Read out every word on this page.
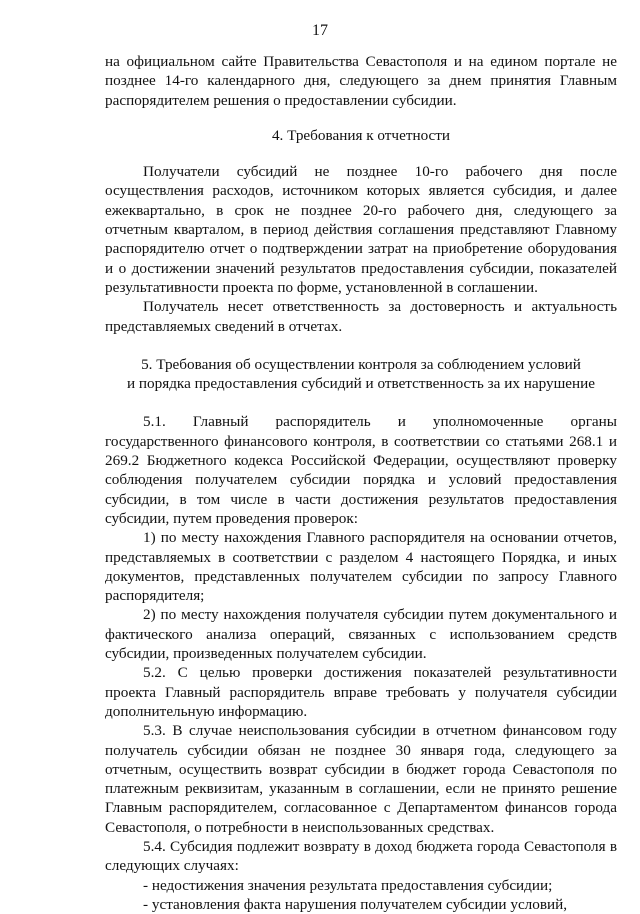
17

на официальном сайте Правительства Севастополя и на едином портале не позднее 14-го календарного дня, следующего за днем принятия Главным распорядителем решения о предоставлении субсидии.

4. Требования к отчетности

Получатели субсидий не позднее 10-го рабочего дня после осуществления расходов, источником которых является субсидия, и далее ежеквартально, в срок не позднее 20-го рабочего дня, следующего за отчетным кварталом, в период действия соглашения представляют Главному распорядителю отчет о подтверждении затрат на приобретение оборудования и о достижении значений результатов предоставления субсидии, показателей результативности проекта по форме, установленной в соглашении.

Получатель несет ответственность за достоверность и актуальность представляемых сведений в отчетах.

5. Требования об осуществлении контроля за соблюдением условий

и порядка предоставления субсидий и ответственность за их нарушение

5.1. Главный распорядитель и уполномоченные органы государственного финансового контроля, в соответствии со статьями 268.1 и 269.2 Бюджетного кодекса Российской Федерации, осуществляют проверку соблюдения получателем субсидии порядка и условий предоставления субсидии, в том числе в части достижения результатов предоставления субсидии, путем проведения проверок:

1) по месту нахождения Главного распорядителя на основании отчетов, представляемых в соответствии с разделом 4 настоящего Порядка, и иных документов, представленных получателем субсидии по запросу Главного распорядителя;

2) по месту нахождения получателя субсидии путем документального и фактического анализа операций, связанных с использованием средств субсидии, произведенных получателем субсидии.

5.2. С целью проверки достижения показателей результативности проекта Главный распорядитель вправе требовать у получателя субсидии дополнительную информацию.

5.3. В случае неиспользования субсидии в отчетном финансовом году получатель субсидии обязан не позднее 30 января года, следующего за отчетным, осуществить возврат субсидии в бюджет города Севастополя по платежным реквизитам, указанным в соглашении, если не принято решение Главным распорядителем, согласованное с Департаментом финансов города Севастополя, о потребности в неиспользованных средствах.

5.4. Субсидия подлежит возврату в доход бюджета города Севастополя в следующих случаях:

- недостижения значения результата предоставления субсидии;

- установления факта нарушения получателем субсидии условий,
